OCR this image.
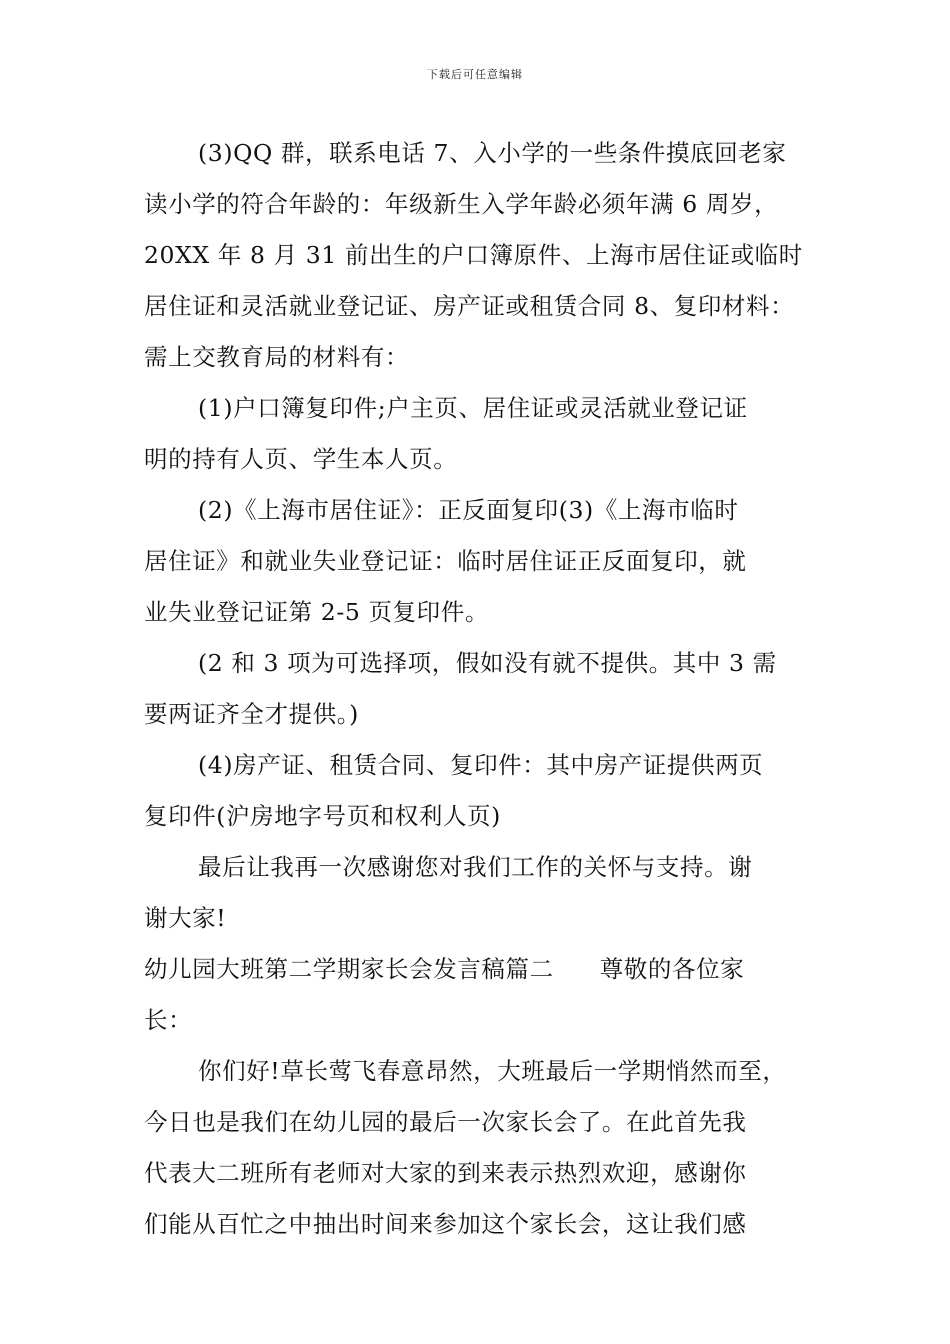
下载后可任意编辑
(3)QQ 群，联系电话 7、入小学的一些条件摸底回老家
读小学的符合年龄的：年级新生入学年龄必须年满 6 周岁，
20XX 年 8 月 31 前出生的户口簿原件、上海市居住证或临时
居住证和灵活就业登记证、房产证或租赁合同 8、复印材料：
需上交教育局的材料有：
(1)户口簿复印件;户主页、居住证或灵活就业登记证
明的持有人页、学生本人页。
(2)《上海市居住证》：正反面复印(3)《上海市临时
居住证》和就业失业登记证：临时居住证正反面复印，就
业失业登记证第 2-5 页复印件。
(2 和 3 项为可选择项，假如没有就不提供。其中 3 需
要两证齐全才提供。)
(4)房产证、租赁合同、复印件：其中房产证提供两页
复印件(沪房地字号页和权利人页)
最后让我再一次感谢您对我们工作的关怀与支持。谢
谢大家!
幼儿园大班第二学期家长会发言稿篇二 尊敬的各位家
长：
你们好!草长莺飞春意昂然，大班最后一学期悄然而至，
今日也是我们在幼儿园的最后一次家长会了。在此首先我
代表大二班所有老师对大家的到来表示热烈欢迎，感谢你
们能从百忙之中抽出时间来参加这个家长会，这让我们感
